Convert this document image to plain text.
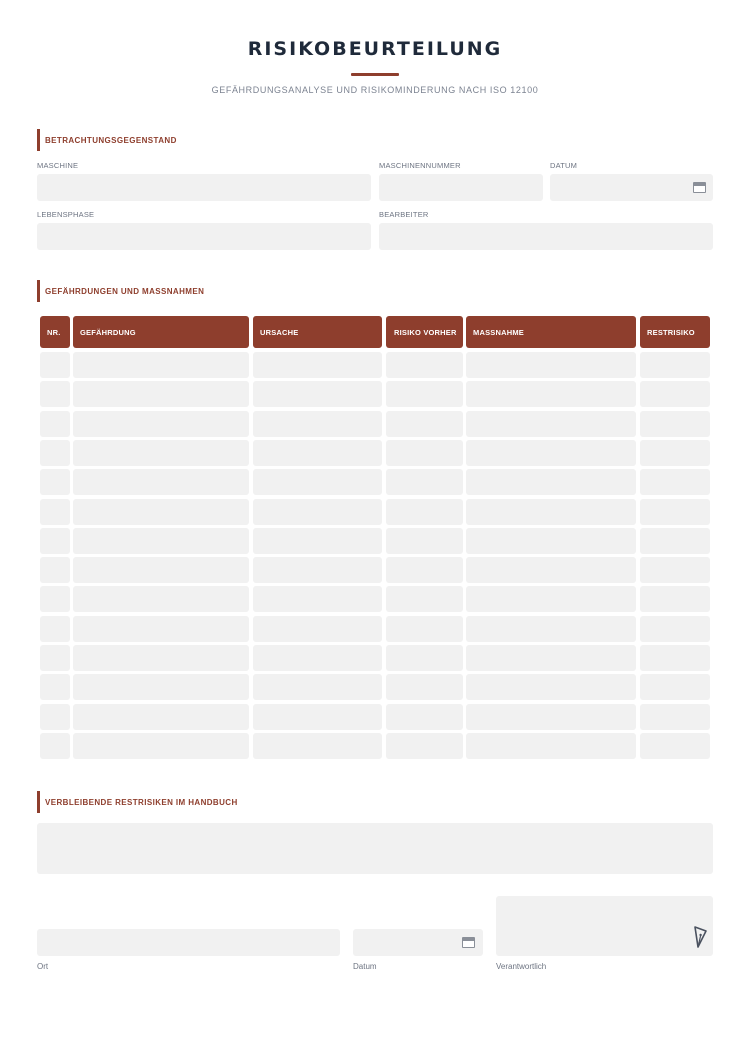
RISIKOBEURTEILUNG
GEFÄHRDUNGSANALYSE UND RISIKOMINDERUNG NACH ISO 12100
BETRACHTUNGSGEGENSTAND
MASCHINE	MASCHINENNUMMER	DATUM
LEBENSPHASE	BEARBEITER
GEFÄHRDUNGEN UND MASSNAHMEN
NR.	GEFÄHRDUNG	URSACHE	RISIKO VORHER	MASSNAHME	RESTRISIKO
VERBLEIBENDE RESTRISIKEN IM HANDBUCH
Ort	Datum	Verantwortlich
